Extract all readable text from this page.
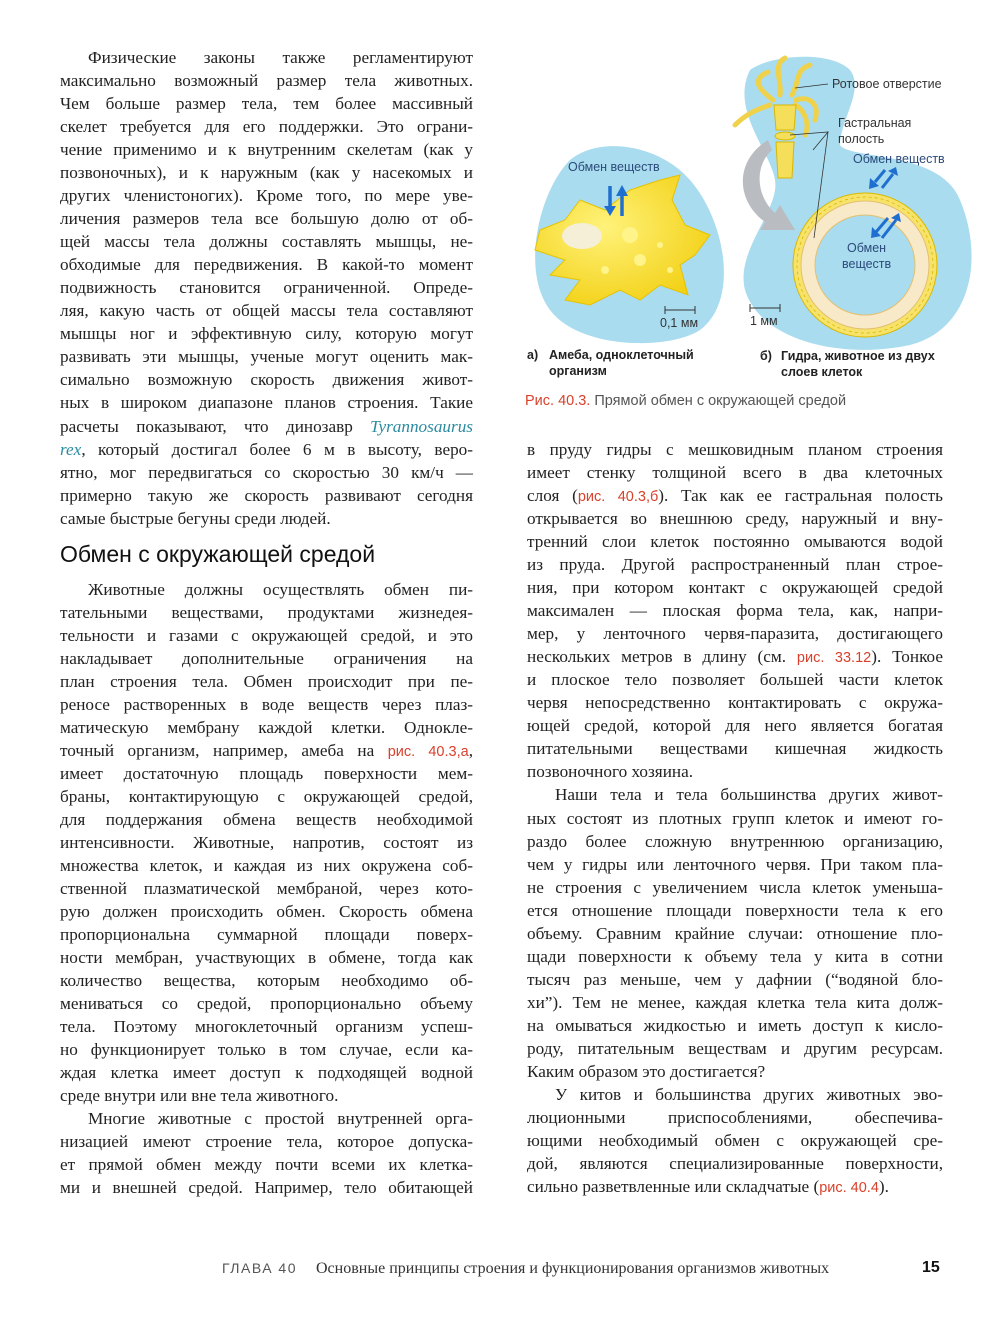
Физические законы также регламентируют
максимально возможный размер тела животных.
Чем больше размер тела, тем более массивный
скелет требуется для его поддержки. Это ограни-
чение применимо и к внутренним скелетам (как у
позвоночных), и к наружным (как у насекомых и
других членистоногих). Кроме того, по мере уве-
личения размеров тела все большую долю от об-
щей массы тела должны составлять мышцы, не-
обходимые для передвижения. В какой-то момент
подвижность становится ограниченной. Опреде-
ляя, какую часть от общей массы тела составляют
мышцы ног и эффективную силу, которую могут
развивать эти мышцы, ученые могут оценить мак-
симально возможную скорость движения живот-
ных в широком диапазоне планов строения. Такие
расчеты показывают, что динозавр Tyrannosaurus
rex, который достигал более 6 м в высоту, веро-
ятно, мог передвигаться со скоростью 30 км/ч —
примерно такую же скорость развивают сегодня
самые быстрые бегуны среди людей.
Обмен с окружающей средой
Животные должны осуществлять обмен пи-
тательными веществами, продуктами жизнедея-
тельности и газами с окружающей средой, и это
накладывает дополнительные ограничения на
план строения тела. Обмен происходит при пе-
реносе растворенных в воде веществ через плаз-
матическую мембрану каждой клетки. Однокле-
точный организм, например, амеба на рис. 40.3,а,
имеет достаточную площадь поверхности мем-
браны, контактирующую с окружающей средой,
для поддержания обмена веществ необходимой
интенсивности. Животные, напротив, состоят из
множества клеток, и каждая из них окружена соб-
ственной плазматической мембраной, через кото-
рую должен происходить обмен. Скорость обмена
пропорциональна суммарной площади поверх-
ности мембран, участвующих в обмене, тогда как
количество вещества, которым необходимо об-
мениваться со средой, пропорционально объему
тела. Поэтому многоклеточный организм успеш-
но функционирует только в том случае, если ка-
ждая клетка имеет доступ к подходящей водной
среде внутри или вне тела животного.
Многие животные с простой внутренней орга-
низацией имеют строение тела, которое допуска-
ет прямой обмен между почти всеми их клетка-
ми и внешней средой. Например, тело обитающей
в пруду гидры с мешковидным планом строения
имеет стенку толщиной всего в два клеточных
слоя (рис. 40.3,б). Так как ее гастральная полость
открывается во внешнюю среду, наружный и вну-
тренний слои клеток постоянно омываются водой
из пруда. Другой распространенный план строе-
ния, при котором контакт с окружающей средой
максимален — плоская форма тела, как, напри-
мер, у ленточного червя-паразита, достигающего
нескольких метров в длину (см. рис. 33.12). Тонкое
и плоское тело позволяет большей части клеток
червя непосредственно контактировать с окружа-
ющей средой, которой для него является богатая
питательными веществами кишечная жидкость
позвоночного хозяина.
Наши тела и тела большинства других живот-
ных состоят из плотных групп клеток и имеют го-
раздо более сложную внутреннюю организацию,
чем у гидры или ленточного червя. При таком пла-
не строения с увеличением числа клеток уменьша-
ется отношение площади поверхности тела к его
объему. Сравним крайние случаи: отношение пло-
щади поверхности к объему тела у кита в сотни
тысяч раз меньше, чем у дафнии (“водяной бло-
хи”). Тем не менее, каждая клетка тела кита долж-
на омываться жидкостью и иметь доступ к кисло-
роду, питательным веществам и другим ресурсам.
Каким образом это достигается?
У китов и большинства других животных эво-
люционными приспособлениями, обеспечива-
ющими необходимый обмен с окружающей сре-
дой, являются специализированные поверхности,
сильно разветвленные или складчатые (рис. 40.4).
Обмен веществ
0,1 мм
Ротовое отверстие
Гастральная
полость
Обмен веществ
Обмен
веществ
1 мм
а) Амеба, одноклеточный
организм
б) Гидра, животное из двух
слоев клеток
Рис. 40.3. Прямой обмен с окружающей средой
ГЛАВА 40 Основные принципы строения и функционирования организмов животных	15
